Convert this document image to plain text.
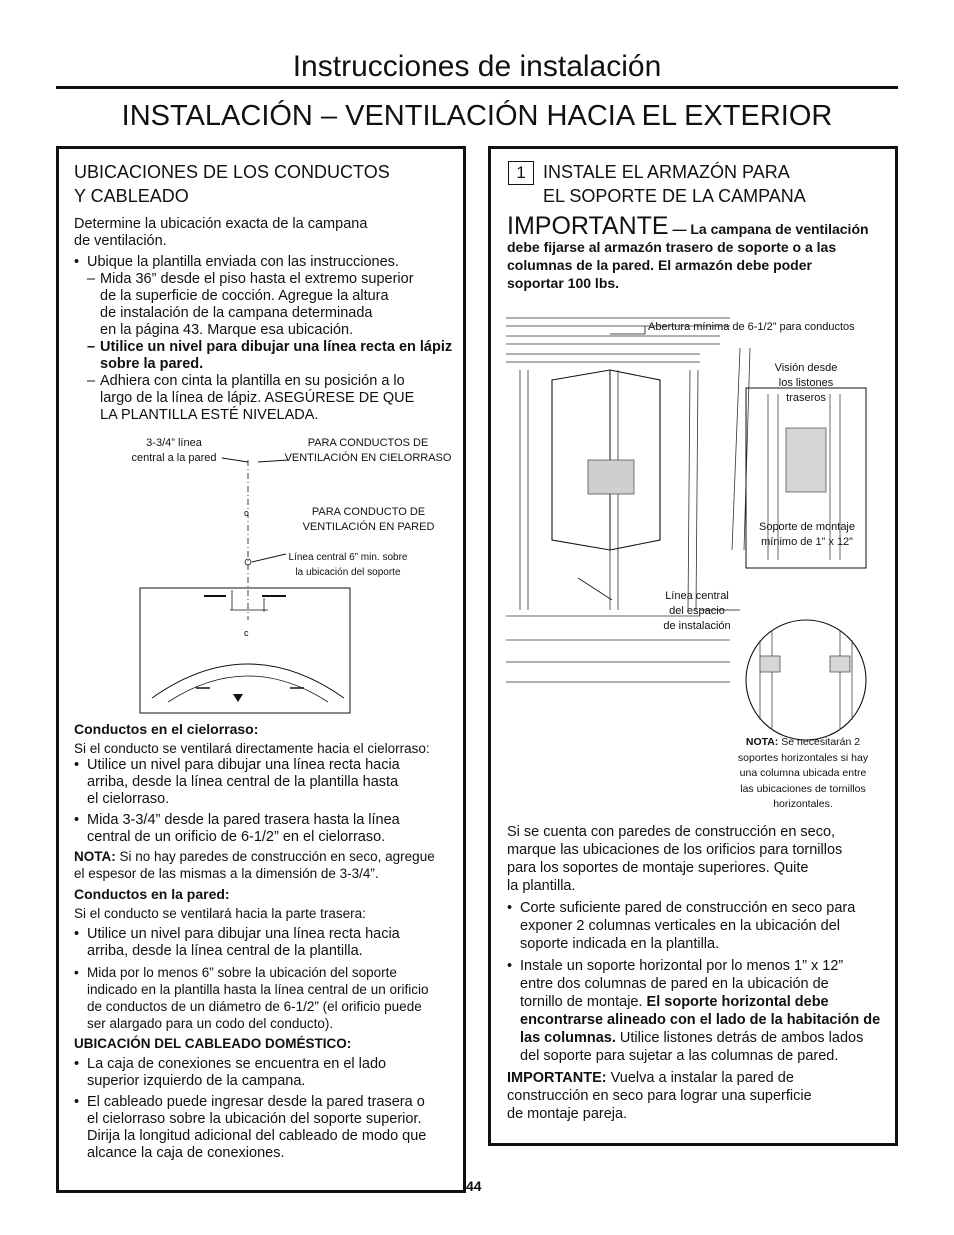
Instrucciones de instalación
INSTALACIÓN – VENTILACIÓN HACIA EL EXTERIOR
UBICACIONES DE LOS CONDUCTOS
Y CABLEADO
Determine la ubicación exacta de la campana
de ventilación.
• Ubique la plantilla enviada con las instrucciones.
– Mida 36” desde el piso hasta el extremo superior
de la superficie de cocción. Agregue la altura
de instalación de la campana determinada
en la página 43. Marque esa ubicación.
– Utilice un nivel para dibujar una línea recta en lápiz
sobre la pared.
– Adhiera con cinta la plantilla en su posición a lo
largo de la línea de lápiz. ASEGÚRESE DE QUE
LA PLANTILLA ESTÉ NIVELADA.
3-3/4” línea
central a la pared
PARA CONDUCTOS DE
VENTILACIÓN EN CIELORRASO
PARA CONDUCTO DE
VENTILACIÓN EN PARED
Línea central 6” min. sobre
la ubicación del soporte
c
c
Conductos en el cielorraso:
Si el conducto se ventilará directamente hacia el cielorraso:
• Utilice un nivel para dibujar una línea recta hacia
arriba, desde la línea central de la plantilla hasta
el cielorraso.
• Mida 3-3/4” desde la pared trasera hasta la línea
central de un orificio de 6-1/2” en el cielorraso.
NOTA: Si no hay paredes de construcción en seco, agregue
el espesor de las mismas a la dimensión de 3-3/4”.
Conductos en la pared:
Si el conducto se ventilará hacia la parte trasera:
• Utilice un nivel para dibujar una línea recta hacia
arriba, desde la línea central de la plantilla.
• Mida por lo menos 6” sobre la ubicación del soporte
indicado en la plantilla hasta la línea central de un orificio
de conductos de un diámetro de 6-1/2” (el orificio puede
ser alargado para un codo del conducto).
UBICACIÓN DEL CABLEADO DOMÉSTICO:
• La caja de conexiones se encuentra en el lado
superior izquierdo de la campana.
• El cableado puede ingresar desde la pared trasera o
el cielorraso sobre la ubicación del soporte superior.
Dirija la longitud adicional del cableado de modo que
alcance la caja de conexiones.
44
1 INSTALE EL ARMAZÓN PARA
EL SOPORTE DE LA CAMPANA
IMPORTANTE — La campana de ventilación
debe fijarse al armazón trasero de soporte o a las
columnas de la pared. El armazón debe poder
soportar 100 lbs.
Abertura mínima de 6-1/2” para conductos
Visión desde
los listones
traseros
Soporte de montaje
mínimo de 1” x 12”
Línea central
del espacio
de instalación
NOTA: Se necesitarán 2
soportes horizontales si hay
una columna ubicada entre
las ubicaciones de tornillos
horizontales.
Si se cuenta con paredes de construcción en seco,
marque las ubicaciones de los orificios para tornillos
para los soportes de montaje superiores. Quite
la plantilla.
• Corte suficiente pared de construcción en seco para
exponer 2 columnas verticales en la ubicación del
soporte indicada en la plantilla.
• Instale un soporte horizontal por lo menos 1” x 12”
entre dos columnas de pared en la ubicación de
tornillo de montaje. El soporte horizontal debe
encontrarse alineado con el lado de la habitación de
las columnas. Utilice listones detrás de ambos lados
del soporte para sujetar a las columnas de pared.
IMPORTANTE: Vuelva a instalar la pared de
construcción en seco para lograr una superficie
de montaje pareja.
